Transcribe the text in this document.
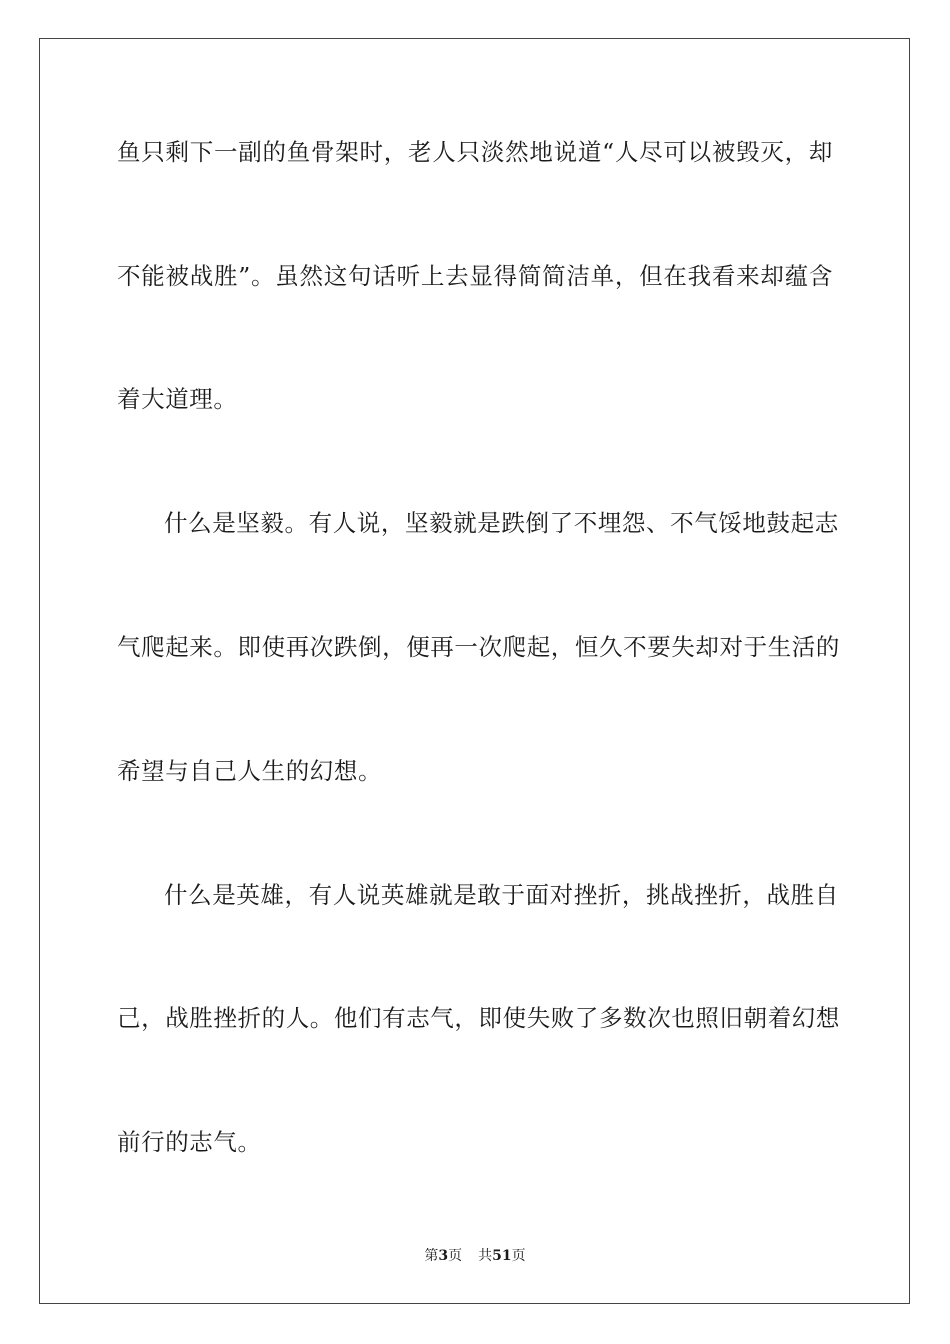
鱼只剩下一副的鱼骨架时，老人只淡然地说道“人尽可以被毁灭，却
不能被战胜”。虽然这句话听上去显得简简洁单，但在我看来却蕴含
着大道理。
什么是坚毅。有人说，坚毅就是跌倒了不埋怨、不气馁地鼓起志
气爬起来。即使再次跌倒，便再一次爬起，恒久不要失却对于生活的
希望与自己人生的幻想。
什么是英雄，有人说英雄就是敢于面对挫折，挑战挫折，战胜自
己，战胜挫折的人。他们有志气，即使失败了多数次也照旧朝着幻想
前行的志气。
第3页 共51页
